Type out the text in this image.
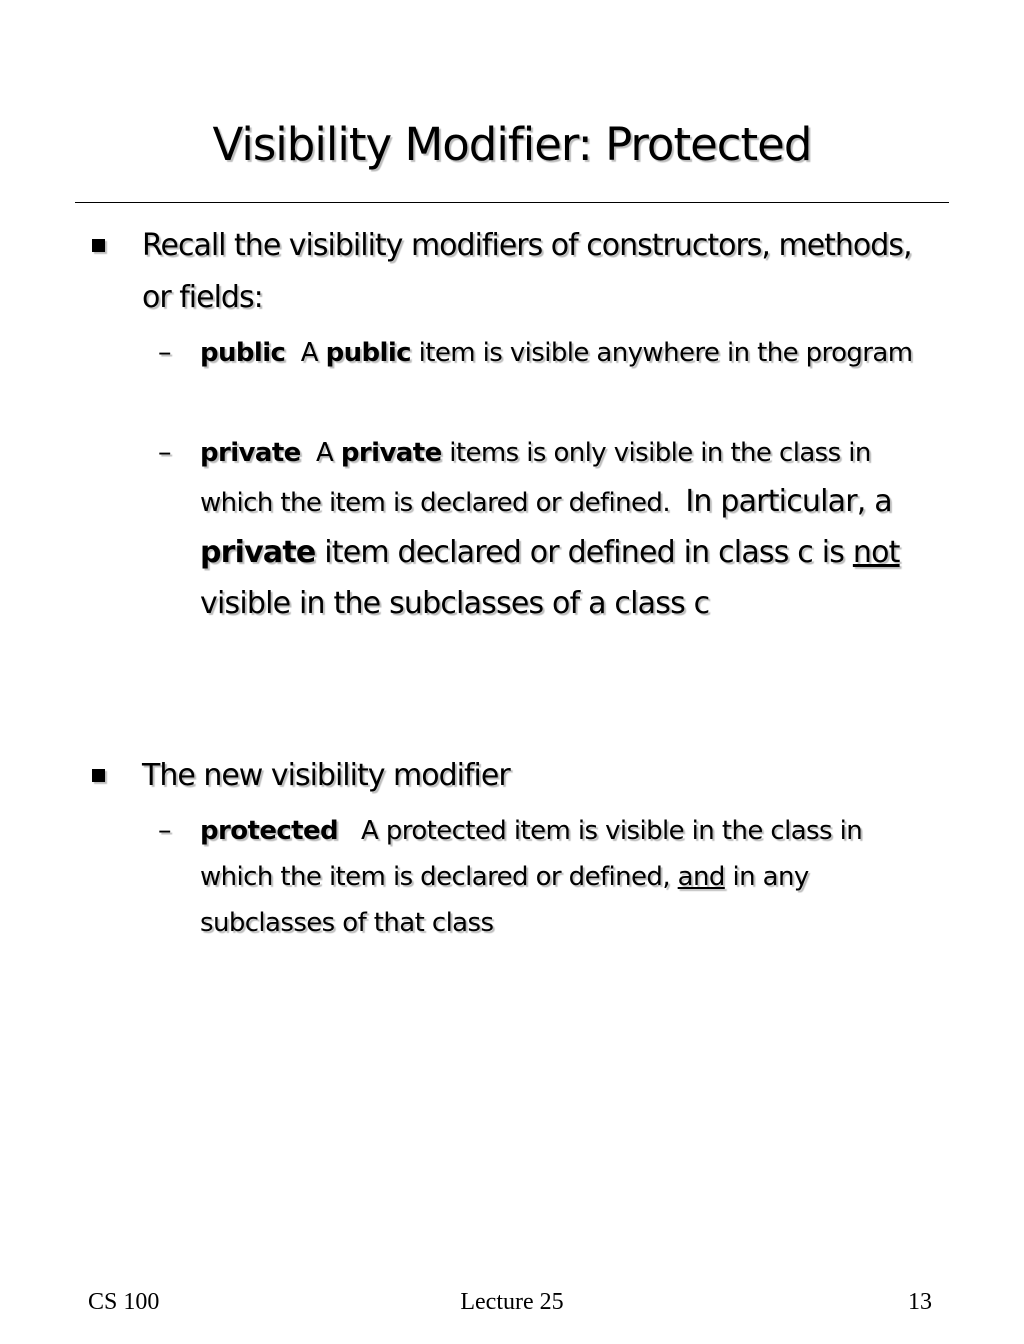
Visibility Modifier: Protected
Recall the visibility modifiers of constructors, methods, or fields:
– public A public item is visible anywhere in the program
– private A private items is only visible in the class in which the item is declared or defined. In particular, a private item declared or defined in class c is not visible in the subclasses of a class c
The new visibility modifier
– protected A protected item is visible in the class in which the item is declared or defined, and in any subclasses of that class
CS 100	Lecture 25	13
